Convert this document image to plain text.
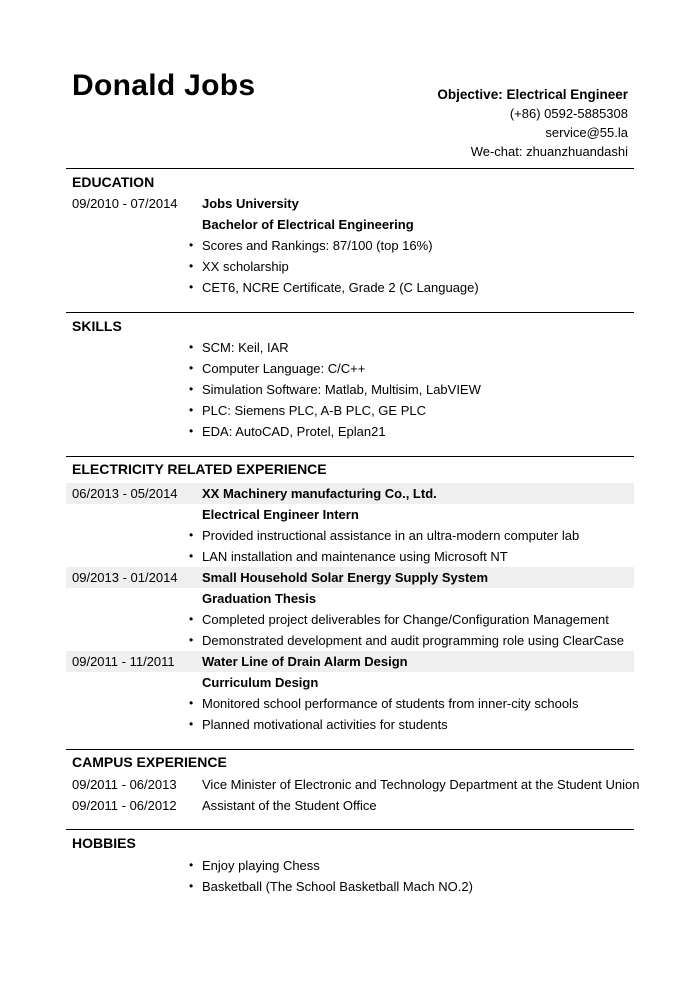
Donald Jobs	Objective: Electrical Engineer
(+86) 0592-5885308
service@55.la
We-chat: zhuanzhuandashi
EDUCATION
09/2010 - 07/2014 Jobs University
Bachelor of Electrical Engineering
• Scores and Rankings: 87/100 (top 16%)
• XX scholarship
• CET6, NCRE Certificate, Grade 2 (C Language)
SKILLS
• SCM: Keil, IAR
• Computer Language: C/C++
• Simulation Software: Matlab, Multisim, LabVIEW
• PLC: Siemens PLC, A-B PLC, GE PLC
• EDA: AutoCAD, Protel, Eplan21
ELECTRICITY RELATED EXPERIENCE
06/2013 - 05/2014 XX Machinery manufacturing Co., Ltd.
Electrical Engineer Intern
• Provided instructional assistance in an ultra-modern computer lab
• LAN installation and maintenance using Microsoft NT
09/2013 - 01/2014 Small Household Solar Energy Supply System
Graduation Thesis
• Completed project deliverables for Change/Configuration Management
• Demonstrated development and audit programming role using ClearCase
09/2011 - 11/2011 Water Line of Drain Alarm Design
Curriculum Design
• Monitored school performance of students from inner-city schools
• Planned motivational activities for students
CAMPUS EXPERIENCE
09/2011 - 06/2013 Vice Minister of Electronic and Technology Department at the Student Union
09/2011 - 06/2012 Assistant of the Student Office
HOBBIES
• Enjoy playing Chess
• Basketball (The School Basketball Mach NO.2)
